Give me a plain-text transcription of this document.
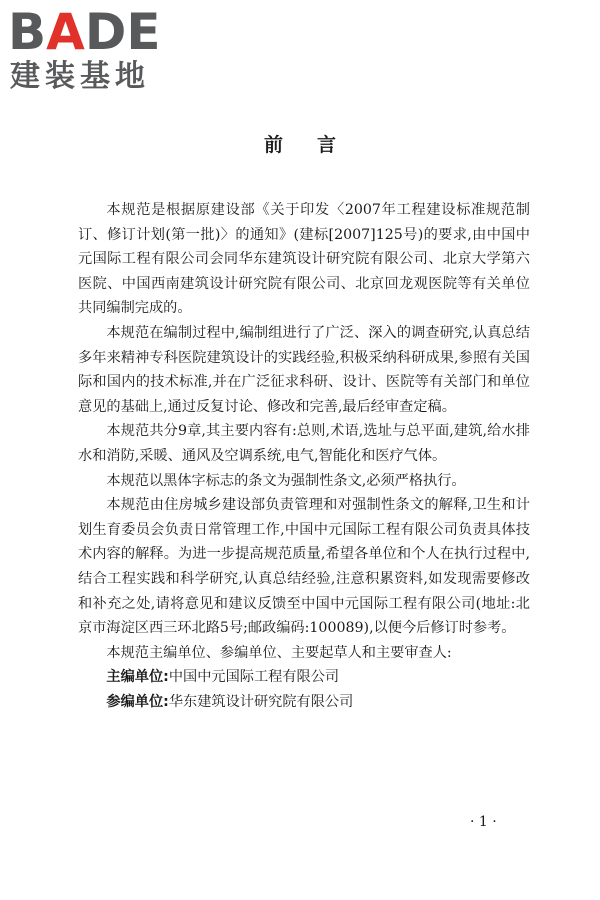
BADE
建装基地
前言

本规范是根据原建设部《关于印发〈2007年工程建设标准规范制订、修订计划(第一批)〉的通知》(建标[2007]125号)的要求,由中国中元国际工程有限公司会同华东建筑设计研究院有限公司、北京大学第六医院、中国西南建筑设计研究院有限公司、北京回龙观医院等有关单位共同编制完成的。

本规范在编制过程中,编制组进行了广泛、深入的调查研究,认真总结多年来精神专科医院建筑设计的实践经验,积极采纳科研成果,参照有关国际和国内的技术标准,并在广泛征求科研、设计、医院等有关部门和单位意见的基础上,通过反复讨论、修改和完善,最后经审查定稿。

本规范共分9章,其主要内容有:总则,术语,选址与总平面,建筑,给水排水和消防,采暖、通风及空调系统,电气,智能化和医疗气体。

本规范以黑体字标志的条文为强制性条文,必须严格执行。

本规范由住房城乡建设部负责管理和对强制性条文的解释,卫生和计划生育委员会负责日常管理工作,中国中元国际工程有限公司负责具体技术内容的解释。为进一步提高规范质量,希望各单位和个人在执行过程中,结合工程实践和科学研究,认真总结经验,注意积累资料,如发现需要修改和补充之处,请将意见和建议反馈至中国中元国际工程有限公司(地址:北京市海淀区西三环北路5号;邮政编码:100089),以便今后修订时参考。

本规范主编单位、参编单位、主要起草人和主要审查人:

主编单位:中国中元国际工程有限公司

参编单位:华东建筑设计研究院有限公司

· 1 ·
